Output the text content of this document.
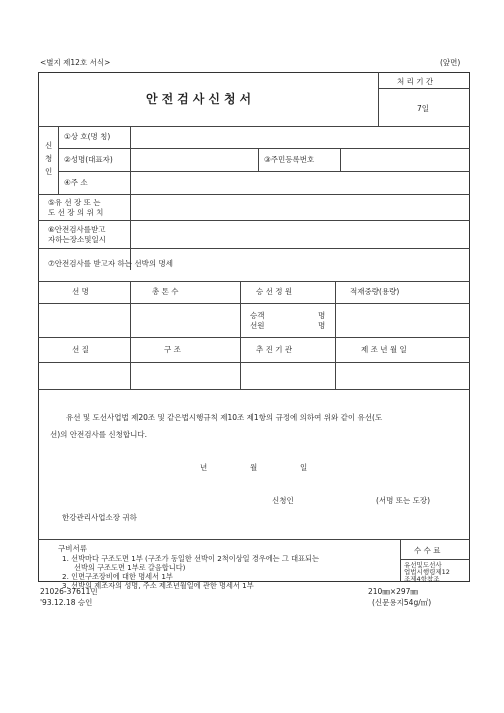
<별지 제12호 서식>	(앞면)
안전검사신청서
처 리 기 간
7일
신
청
인
①상 호(명 칭)
②성명(대표자)	③주민등록번호
④주 소
⑤유 선 장 또 는
도 선 장 의 위 치
⑥안전검사를받고
자하는장소및일시
⑦안전검사를 받고자 하는 선박의 명세
선 명	총 톤 수	승 선 정 원	적재중량(용량)
승객	명
선원	명
선 질	구 조	추 진 기 관	제 조 년 월 일
유선 및 도선사업법 제20조 및 같은법시행규칙 제10조 제1항의 규정에 의하여 위와 같이 유선(도
선)의 안전검사를 신청합니다.
년	월	일
신청인	(서명 또는 도장)
한강관리사업소장 귀하
구비서류
1. 선박마다 구조도면 1부 (구조가 동일한 선박이 2척이상일 경우에는 그 대표되는
선박의 구조도면 1부로 갈음합니다)
2. 인면구조장비에 대한 명세서 1부
3. 선박의 제조자의 성명, 주소 제조년월일에 관한 명세서 1부
수 수 료
유선및도선사
업법시행령제12
조제4항참조
21026-37611민
'93.12.18 승인
210㎜×297㎜
(신문용지54g/㎡)
